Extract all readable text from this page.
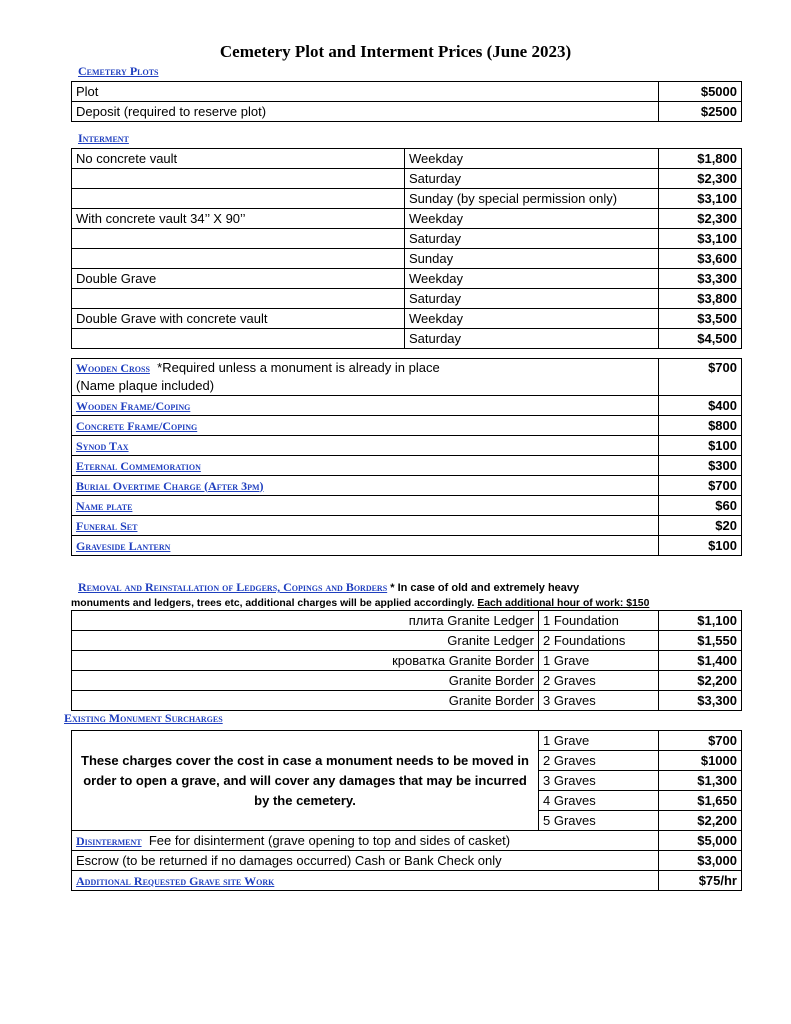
Cemetery Plot and Interment Prices (June 2023)
Cemetery Plots
Plot	$5000
Deposit (required to reserve plot)	$2500
Interment
No concrete vault	Weekday	$1,800
	Saturday	$2,300
	Sunday (by special permission only)	$3,100
With concrete vault 34’’ X 90’’	Weekday	$2,300
	Saturday	$3,100
	Sunday	$3,600
Double Grave	Weekday	$3,300
	Saturday	$3,800
Double Grave with concrete vault	Weekday	$3,500
	Saturday	$4,500
Wooden Cross *Required unless a monument is already in place
(Name plaque included)	$700
Wooden Frame/Coping	$400
Concrete Frame/Coping	$800
Synod Tax	$100
Eternal Commemoration	$300
Burial Overtime Charge (After 3pm)	$700
Name plate	$60
Funeral Set	$20
Graveside Lantern	$100
Removal and Reinstallation of Ledgers, Copings and Borders * In case of old and extremely heavy
monuments and ledgers, trees etc, additional charges will be applied accordingly. Each additional hour of work: $150
плита Granite Ledger	1 Foundation	$1,100
Granite Ledger	2 Foundations	$1,550
кроватка Granite Border	1 Grave	$1,400
Granite Border	2 Graves	$2,200
Granite Border	3 Graves	$3,300
Existing Monument Surcharges
These charges cover the cost in case a monument needs to be moved in order to open a grave, and will cover any damages that may be incurred by the cemetery.	1 Grave	$700
	2 Graves	$1000
	3 Graves	$1,300
	4 Graves	$1,650
	5 Graves	$2,200
Disinterment Fee for disinterment (grave opening to top and sides of casket)		$5,000
Escrow (to be returned if no damages occurred) Cash or Bank Check only		$3,000
Additional Requested Grave site Work		$75/hr
